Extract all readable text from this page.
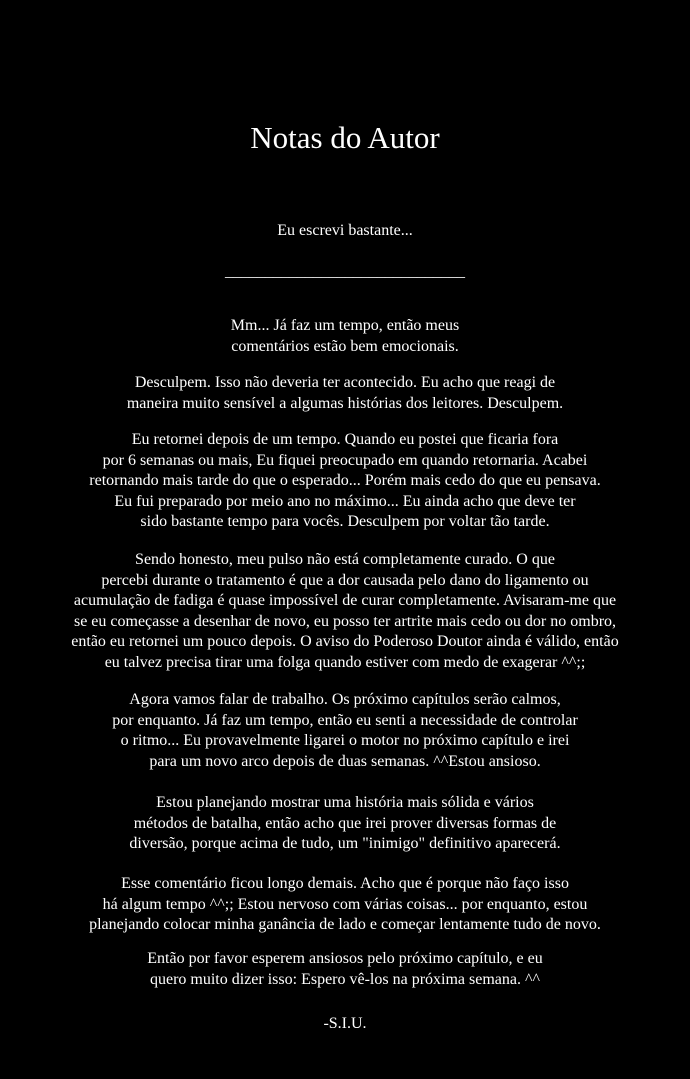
Notas do Autor
Eu escrevi bastante...
______________________________
Mm... Já faz um tempo, então meus
comentários estão bem emocionais.
Desculpem. Isso não deveria ter acontecido. Eu acho que reagi de
maneira muito sensível a algumas histórias dos leitores. Desculpem.
Eu retornei depois de um tempo. Quando eu postei que ficaria fora
por 6 semanas ou mais, Eu fiquei preocupado em quando retornaria. Acabei
retornando mais tarde do que o esperado... Porém mais cedo do que eu pensava.
Eu fui preparado por meio ano no máximo... Eu ainda acho que deve ter
sido bastante tempo para vocês. Desculpem por voltar tão tarde.
Sendo honesto, meu pulso não está completamente curado. O que
percebi durante o tratamento é que a dor causada pelo dano do ligamento ou
acumulação de fadiga é quase impossível de curar completamente. Avisaram-me que
se eu começasse a desenhar de novo, eu posso ter artrite mais cedo ou dor no ombro,
então eu retornei um pouco depois. O aviso do Poderoso Doutor ainda é válido, então
eu talvez precisa tirar uma folga quando estiver com medo de exagerar ^^;;
Agora vamos falar de trabalho. Os próximo capítulos serão calmos,
por enquanto. Já faz um tempo, então eu senti a necessidade de controlar
o ritmo... Eu provavelmente ligarei o motor no próximo capítulo e irei
para um novo arco depois de duas semanas. ^^Estou ansioso.
Estou planejando mostrar uma história mais sólida e vários
métodos de batalha, então acho que irei prover diversas formas de
diversão, porque acima de tudo, um "inimigo" definitivo aparecerá.
Esse comentário ficou longo demais. Acho que é porque não faço isso
há algum tempo ^^;; Estou nervoso com várias coisas... por enquanto, estou
planejando colocar minha ganância de lado e começar lentamente tudo de novo.
Então por favor esperem ansiosos pelo próximo capítulo, e eu
quero muito dizer isso: Espero vê-los na próxima semana. ^^
-S.I.U.
